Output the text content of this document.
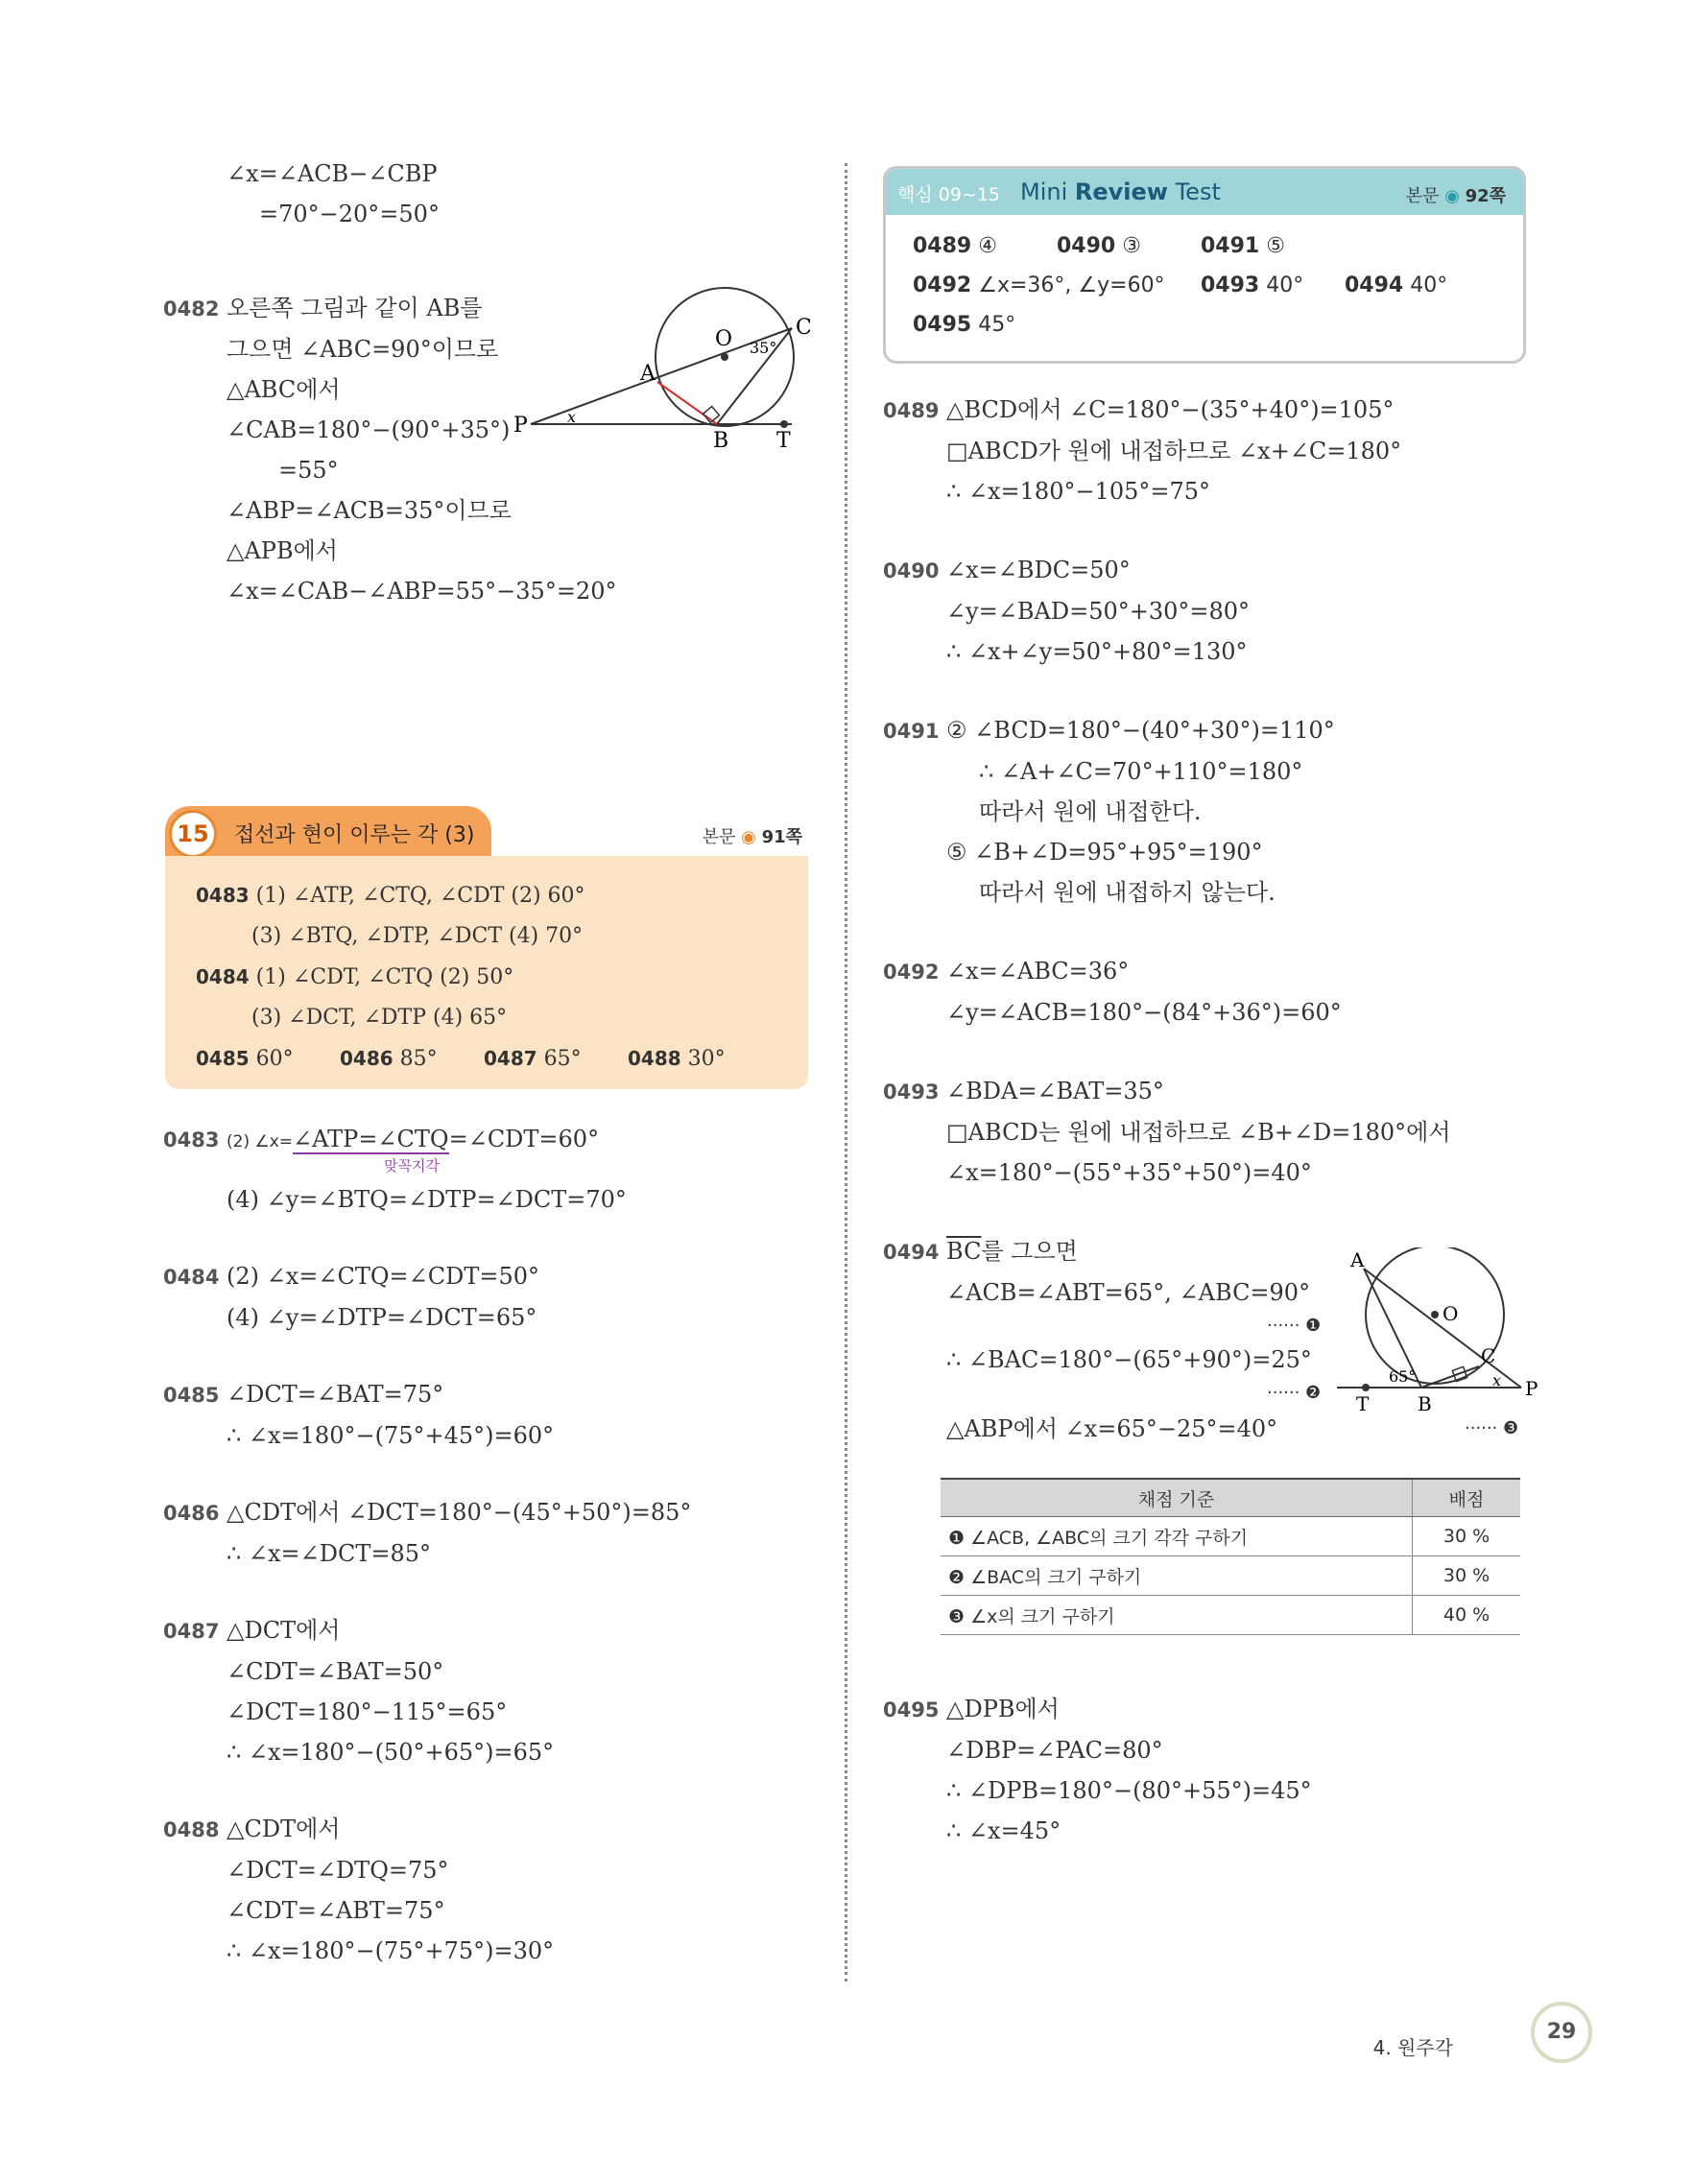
∠x=∠ACB−∠CBP
=70°−20°=50°
0482 오른쪽 그림과 같이 AB를
그으면 ∠ABC=90°이므로
△ABC에서
∠CAB=180°−(90°+35°)
=55°
∠ABP=∠ACB=35°이므로
△APB에서
∠x=∠CAB−∠ABP=55°−35°=20°
O
A
C
P
B T
35°
x
15	접선과 현이 이루는 각 (3)	본문 ◉ 91쪽
0483 (1) ∠ATP, ∠CTQ, ∠CDT (2) 60°
(3) ∠BTQ, ∠DTP, ∠DCT (4) 70°
0484 (1) ∠CDT, ∠CTQ (2) 50°
(3) ∠DCT, ∠DTP (4) 65°
0485 60° 0486 85° 0487 65° 0488 30°
0483 (2) ∠x=∠ATP=∠CTQ=∠CDT=60°
맞꼭지각
(4) ∠y=∠BTQ=∠DTP=∠DCT=70°
0484 (2) ∠x=∠CTQ=∠CDT=50°
(4) ∠y=∠DTP=∠DCT=65°
0485 ∠DCT=∠BAT=75°
∴ ∠x=180°−(75°+45°)=60°
0486 △CDT에서 ∠DCT=180°−(45°+50°)=85°
∴ ∠x=∠DCT=85°
0487 △DCT에서
∠CDT=∠BAT=50°
∠DCT=180°−115°=65°
∴ ∠x=180°−(50°+65°)=65°
0488 △CDT에서
∠DCT=∠DTQ=75°
∠CDT=∠ABT=75°
∴ ∠x=180°−(75°+75°)=30°
핵심 09~15 Mini Review Test	본문 ◉ 92쪽
0489 ④	0490 ③	0491 ⑤
0492 ∠x=36°, ∠y=60° 0493 40° 0494 40°
0495 45°
0489 △BCD에서 ∠C=180°−(35°+40°)=105°
□ABCD가 원에 내접하므로 ∠x+∠C=180°
∴ ∠x=180°−105°=75°
0490 ∠x=∠BDC=50°
∠y=∠BAD=50°+30°=80°
∴ ∠x+∠y=50°+80°=130°
0491 ② ∠BCD=180°−(40°+30°)=110°
∴ ∠A+∠C=70°+110°=180°
따라서 원에 내접한다.
⑤ ∠B+∠D=95°+95°=190°
따라서 원에 내접하지 않는다.
0492 ∠x=∠ABC=36°
∠y=∠ACB=180°−(84°+36°)=60°
0493 ∠BDA=∠BAT=35°
□ABCD는 원에 내접하므로 ∠B+∠D=180°에서
∠x=180°−(55°+35°+50°)=40°
0494 $\overline{BC}$를 그으면
∠ACB=∠ABT=65°, ∠ABC=90°
······ ❶
∴ ∠BAC=180°−(65°+90°)=25°
······ ❷
△ABP에서 ∠x=65°−25°=40°	······ ❸
O
A
C
P
B
T
65°	x
채점 기준	배점
❶ ∠ACB, ∠ABC의 크기 각각 구하기	30 %
❷ ∠BAC의 크기 구하기	30 %
❸ ∠x의 크기 구하기	40 %
0495 △DPB에서
∠DBP=∠PAC=80°
∴ ∠DPB=180°−(80°+55°)=45°
∴ ∠x=45°
4. 원주각
29
